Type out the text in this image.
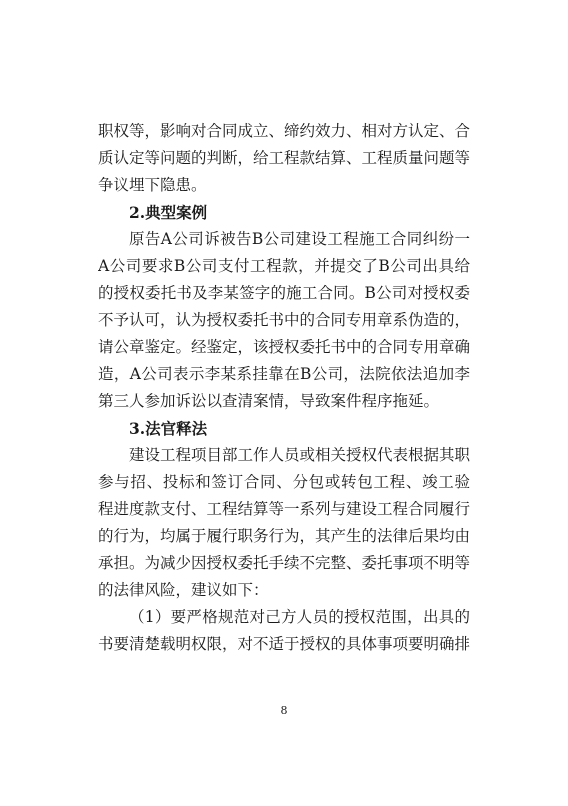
职权等，影响对合同成立、缔约效力、相对方认定、合
质认定等问题的判断，给工程款结算、工程质量问题等
争议埋下隐患。
2.典型案例
原告A公司诉被告B公司建设工程施工合同纠纷一
A公司要求B公司支付工程款，并提交了B公司出具给
的授权委托书及李某签字的施工合同。B公司对授权委
不予认可，认为授权委托书中的合同专用章系伪造的，
请公章鉴定。经鉴定，该授权委托书中的合同专用章确
造，A公司表示李某系挂靠在B公司，法院依法追加李
第三人参加诉讼以查清案情，导致案件程序拖延。
3.法官释法
建设工程项目部工作人员或相关授权代表根据其职
参与招、投标和签订合同、分包或转包工程、竣工验
程进度款支付、工程结算等一系列与建设工程合同履行
的行为，均属于履行职务行为，其产生的法律后果均由
承担。为减少因授权委托手续不完整、委托事项不明等
的法律风险，建议如下：
（1）要严格规范对己方人员的授权范围，出具的
书要清楚载明权限，对不适于授权的具体事项要明确排
8
